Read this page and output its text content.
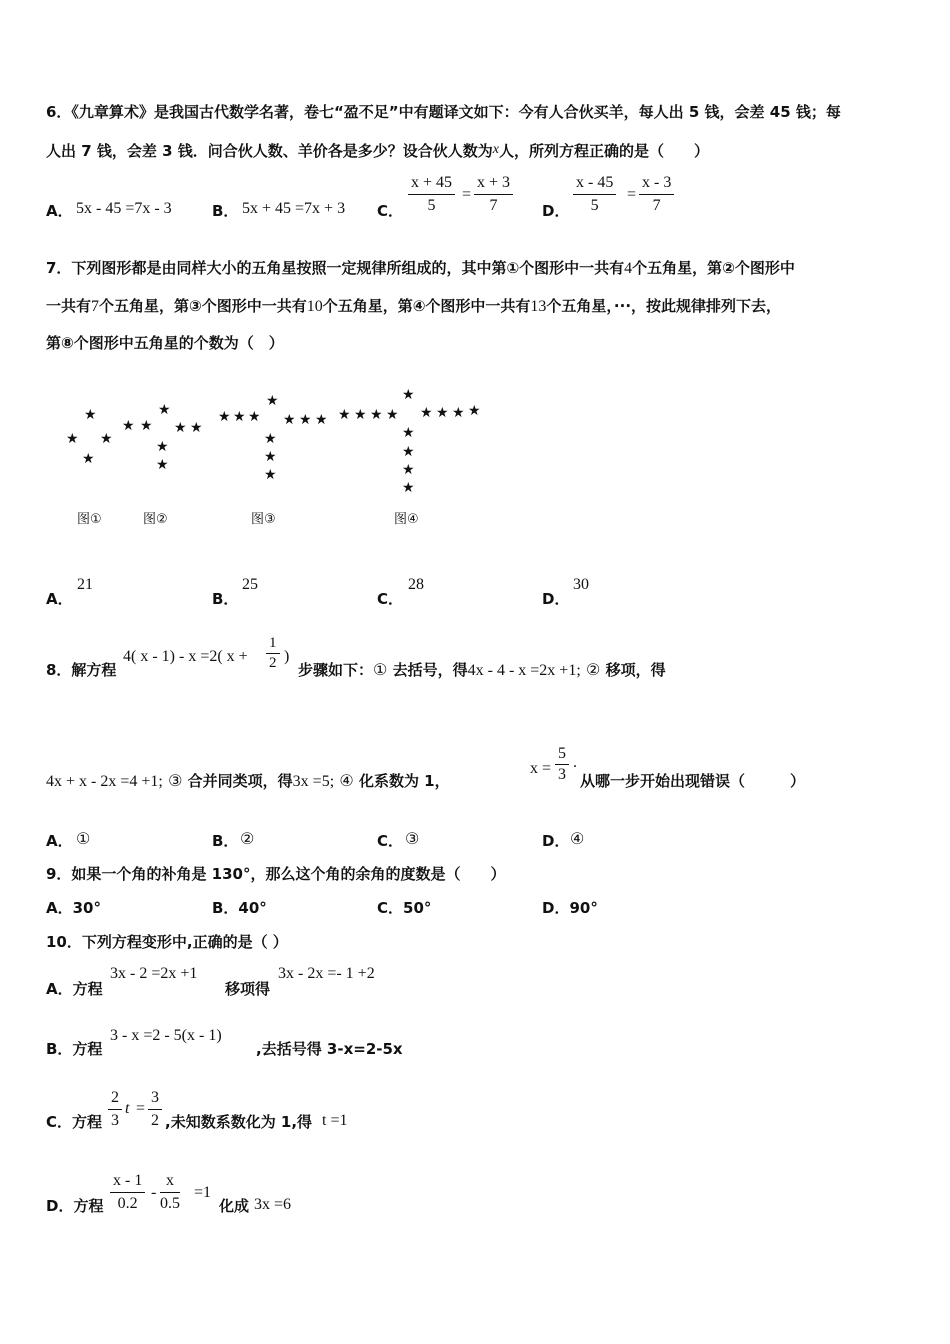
6．《九章算术》是我国古代数学名著，卷七“盈不足”中有题译文如下：今有人合伙买羊，每人出 5 钱，会差 45 钱；每
人出 7 钱，会差 3 钱．问合伙人数、羊价各是多少？设合伙人数为x人，所列方程正确的是（　　）
A． 5x - 45 =7x - 3	B． 5x + 45 =7x + 3 C． $\frac{x + 45}{5} = \frac{x + 3}{7}$ D． $\frac{x - 45}{5} = \frac{x - 3}{7}$
7．下列图形都是由同样大小的五角星按照一定规律所组成的，其中第①个图形中一共有4个五角星，第②个图形中
一共有7个五角星，第③个图形中一共有10个五角星，第④个图形中一共有13个五角星，···，按此规律排列下去，
第⑧个图形中五角星的个数为（　）
★
★ ★
★
★ ★
★
★ ★
★
★
★ ★ ★
★
★ ★ ★
★
★
★
★ ★ ★ ★
★
★ ★ ★ ★
★
★
★
★
图①	图②	图③	图④
A．
21
B．
25
C．
28
D．
30
8．解方程
4( x - 1) - x =2( $x + \frac{1}{2}$ )
步骤如下：① 去括号，得4x - 4 - x =2x +1; ② 移项，得
4x + x - 2x =4 +1; ③ 合并同类项，得3x =5; ④ 化系数为 1，
$x = \frac{5}{3}$ .
从哪一步开始出现错误（　　　）
A． ①	B． ②	C． ③	D． ④
9．如果一个角的补角是 130°，那么这个角的余角的度数是（　　）
A．30°	B．40°	C．50°	D．90°
10．下列方程变形中,正确的是（ ）
A．方程
3x - 2 =2x +1
移项得
3x - 2x =- 1 +2
B．方程
3 - x =2 - 5(x - 1)
,去括号得 3-x=2-5x
C．方程 $\frac{2}{3}$ $t = \frac{3}{2}$ ,未知数系数化为 1,得 t =1
D．方程 $\frac{x - 1}{0.2} - \frac{x}{0.5} =1$
化成 3x =6
